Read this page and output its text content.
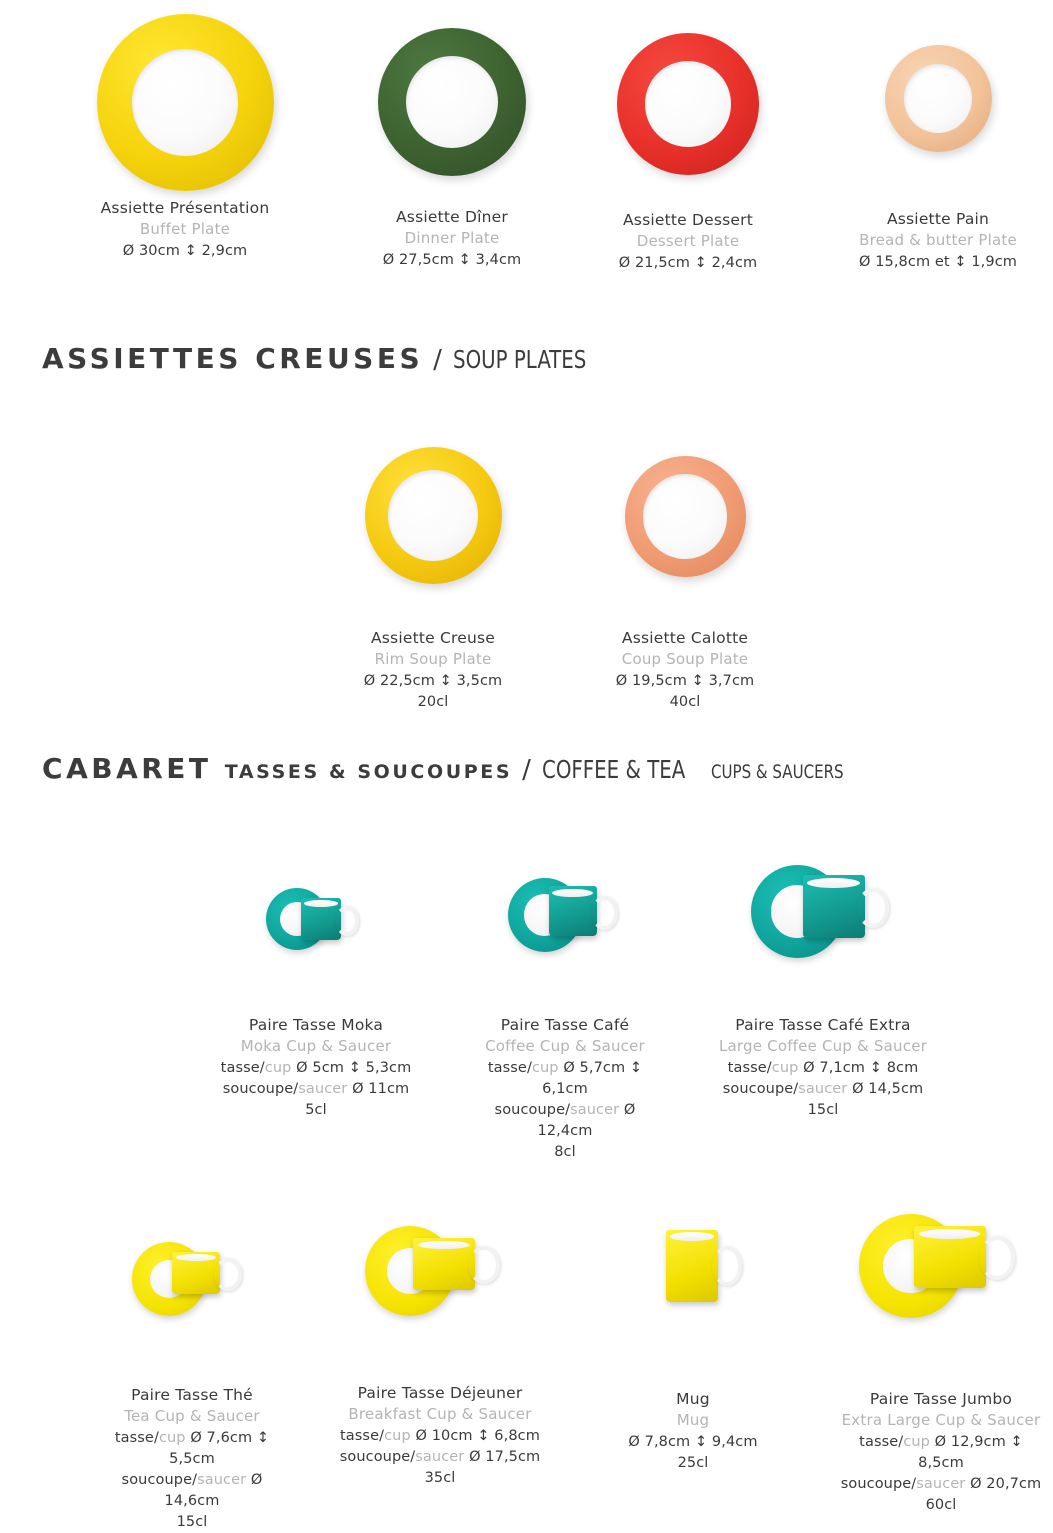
Assiette Présentation
Buffet Plate
Ø 30cm ↕ 2,9cm
Assiette Dîner
Dinner Plate
Ø 27,5cm ↕ 3,4cm
Assiette Dessert
Dessert Plate
Ø 21,5cm ↕ 2,4cm
Assiette Pain
Bread & butter Plate
Ø 15,8cm et ↕ 1,9cm
ASSIETTES CREUSES / SOUP PLATES
Assiette Creuse
Rim Soup Plate
Ø 22,5cm ↕ 3,5cm
20cl
Assiette Calotte
Coup Soup Plate
Ø 19,5cm ↕ 3,7cm
40cl
CABARET TASSES & SOUCOUPES / COFFEE & TEA CUPS & SAUCERS
Paire Tasse Moka
Moka Cup & Saucer
tasse/cup Ø 5cm ↕ 5,3cm
soucoupe/saucer Ø 11cm
5cl
Paire Tasse Café
Coffee Cup & Saucer
tasse/cup Ø 5,7cm ↕ 6,1cm
soucoupe/saucer Ø 12,4cm
8cl
Paire Tasse Café Extra
Large Coffee Cup & Saucer
tasse/cup Ø 7,1cm ↕ 8cm
soucoupe/saucer Ø 14,5cm
15cl
Paire Tasse Thé
Tea Cup & Saucer
tasse/cup Ø 7,6cm ↕ 5,5cm
soucoupe/saucer Ø 14,6cm
15cl
Paire Tasse Déjeuner
Breakfast Cup & Saucer
tasse/cup Ø 10cm ↕ 6,8cm
soucoupe/saucer Ø 17,5cm
35cl
Mug
Mug
Ø 7,8cm ↕ 9,4cm
25cl
Paire Tasse Jumbo
Extra Large Cup & Saucer
tasse/cup Ø 12,9cm ↕ 8,5cm
soucoupe/saucer Ø 20,7cm
60cl
